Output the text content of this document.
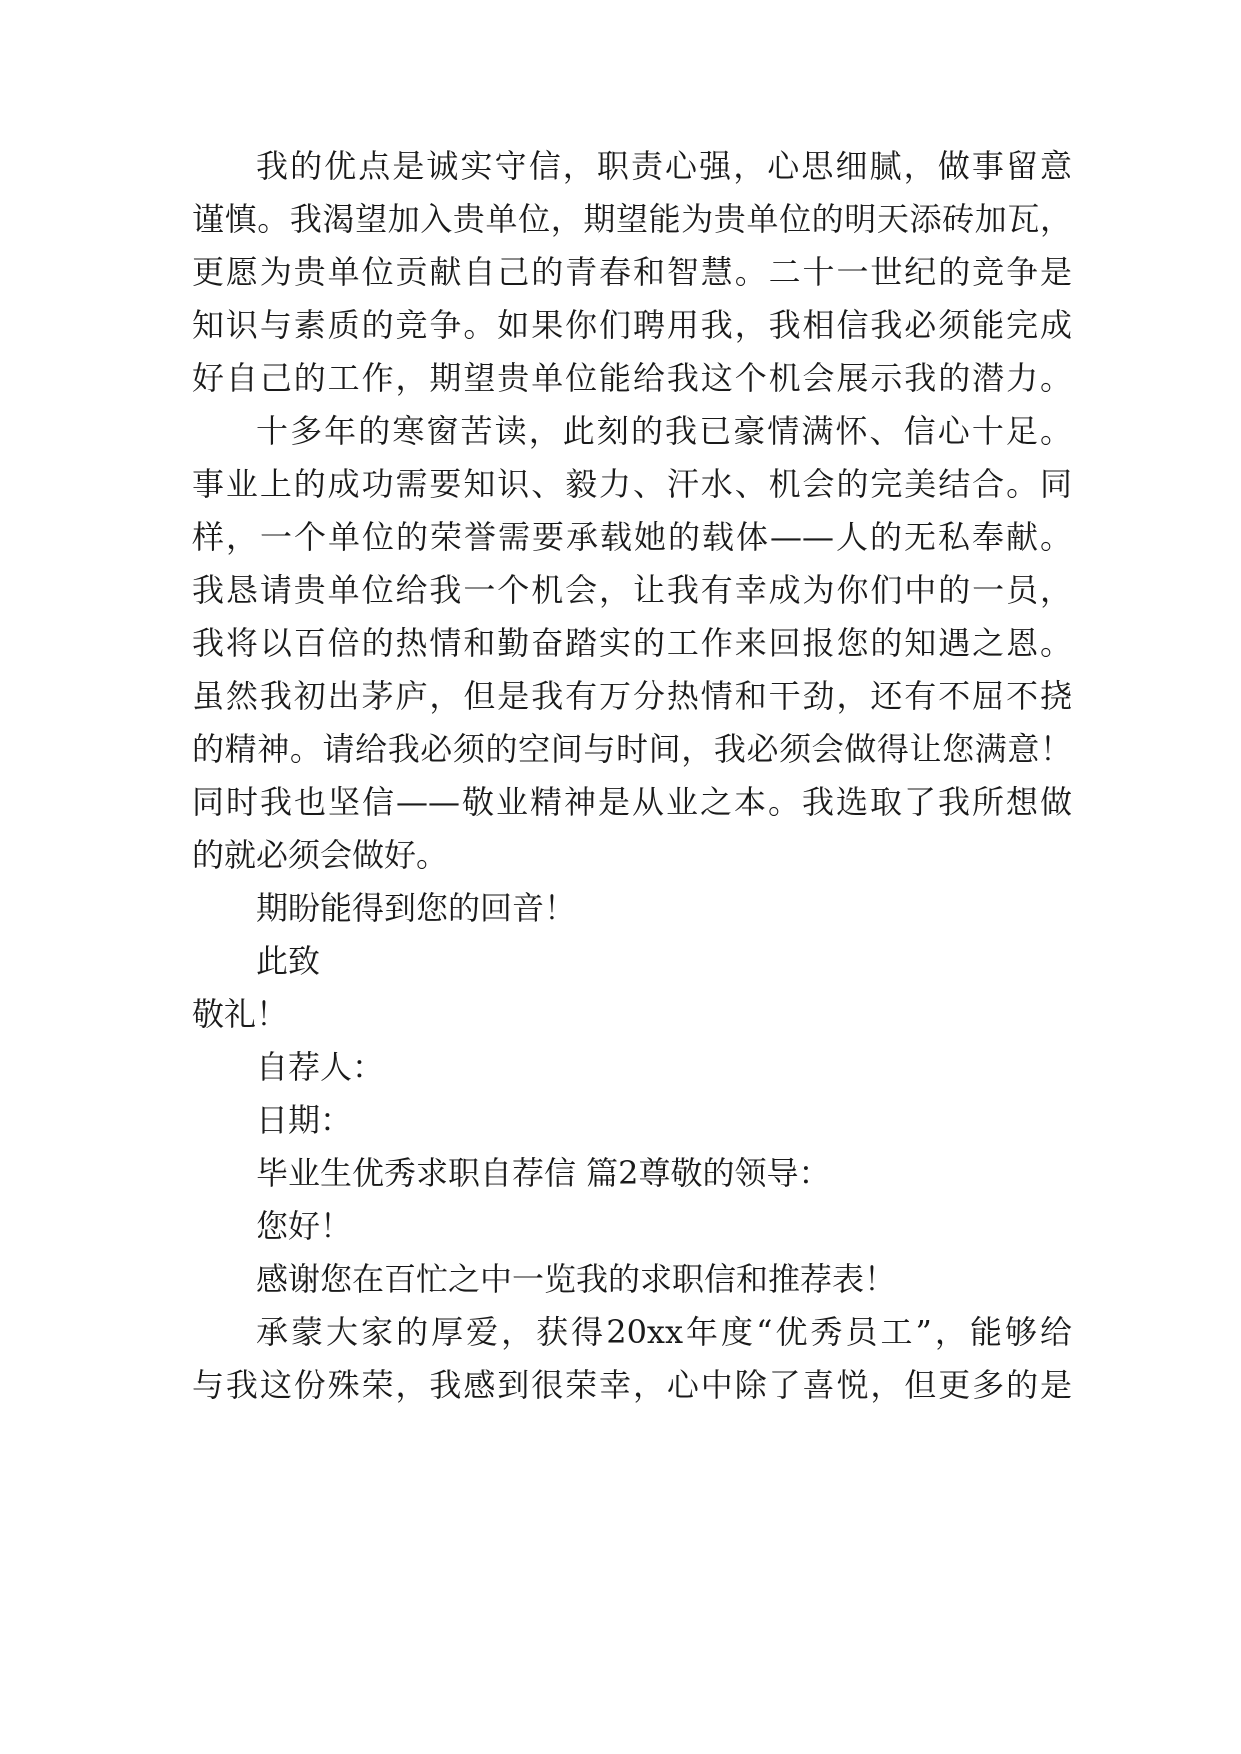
我的优点是诚实守信，职责心强，心思细腻，做事留意
谨慎。我渴望加入贵单位，期望能为贵单位的明天添砖加瓦，
更愿为贵单位贡献自己的青春和智慧。二十一世纪的竞争是
知识与素质的竞争。如果你们聘用我，我相信我必须能完成
好自己的工作，期望贵单位能给我这个机会展示我的潜力。
十多年的寒窗苦读，此刻的我已豪情满怀、信心十足。
事业上的成功需要知识、毅力、汗水、机会的完美结合。同
样，一个单位的荣誉需要承载她的载体——人的无私奉献。
我恳请贵单位给我一个机会，让我有幸成为你们中的一员，
我将以百倍的热情和勤奋踏实的工作来回报您的知遇之恩。
虽然我初出茅庐，但是我有万分热情和干劲，还有不屈不挠
的精神。请给我必须的空间与时间，我必须会做得让您满意！
同时我也坚信——敬业精神是从业之本。我选取了我所想做
的就必须会做好。
期盼能得到您的回音！
此致
敬礼！
自荐人：
日期：
毕业生优秀求职自荐信 篇2尊敬的领导：
您好！
感谢您在百忙之中一览我的求职信和推荐表！
承蒙大家的厚爱，获得20xx年度“优秀员工”，能够给
与我这份殊荣，我感到很荣幸，心中除了喜悦，但更多的是
